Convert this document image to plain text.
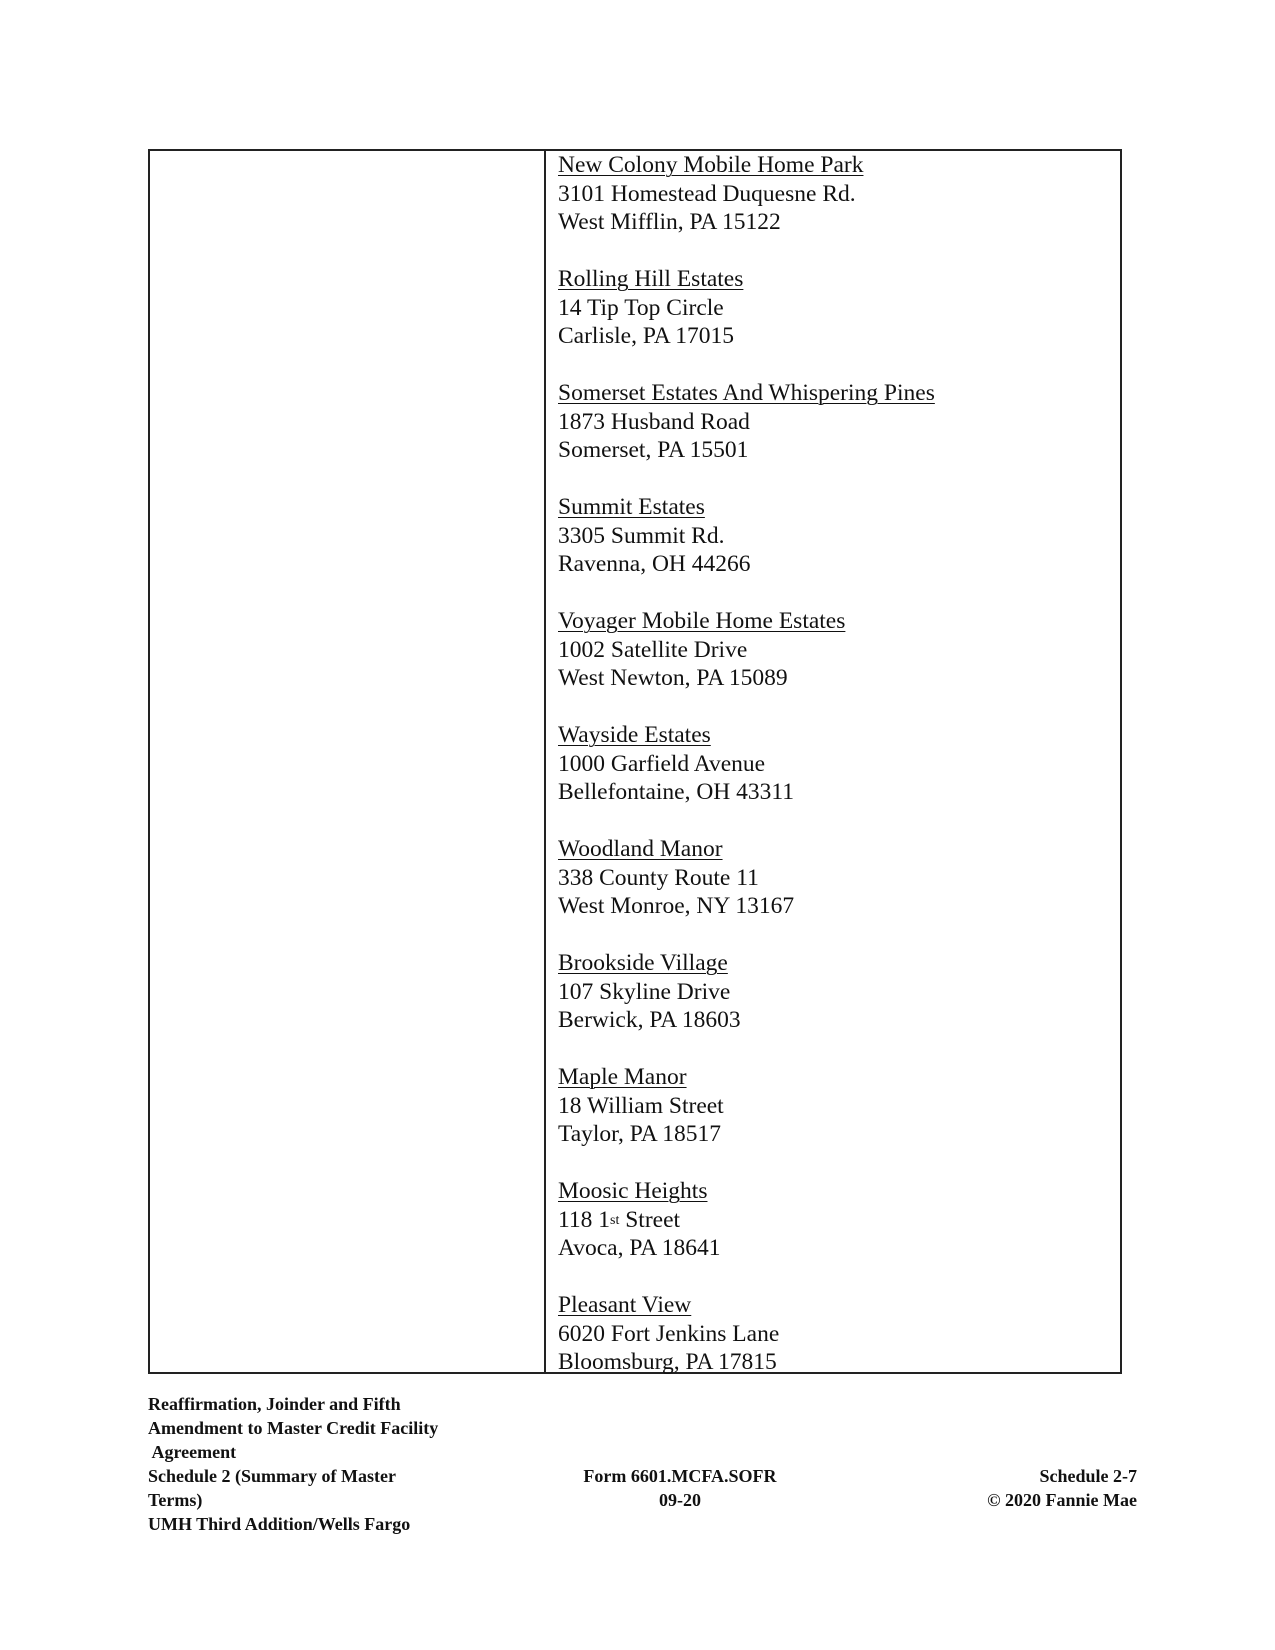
New Colony Mobile Home Park
3101 Homestead Duquesne Rd.
West Mifflin, PA 15122
Rolling Hill Estates
14 Tip Top Circle
Carlisle, PA 17015
Somerset Estates And Whispering Pines
1873 Husband Road
Somerset, PA 15501
Summit Estates
3305 Summit Rd.
Ravenna, OH 44266
Voyager Mobile Home Estates
1002 Satellite Drive
West Newton, PA 15089
Wayside Estates
1000 Garfield Avenue
Bellefontaine, OH 43311
Woodland Manor
338 County Route 11
West Monroe, NY 13167
Brookside Village
107 Skyline Drive
Berwick, PA 18603
Maple Manor
18 William Street
Taylor, PA 18517
Moosic Heights
118 1st Street
Avoca, PA 18641
Pleasant View
6020 Fort Jenkins Lane
Bloomsburg, PA 17815
Reaffirmation, Joinder and Fifth
Amendment to Master Credit Facility
Agreement
Schedule 2 (Summary of Master
Terms)
UMH Third Addition/Wells Fargo
Form 6601.MCFA.SOFR
09-20
Schedule 2-7
© 2020 Fannie Mae
